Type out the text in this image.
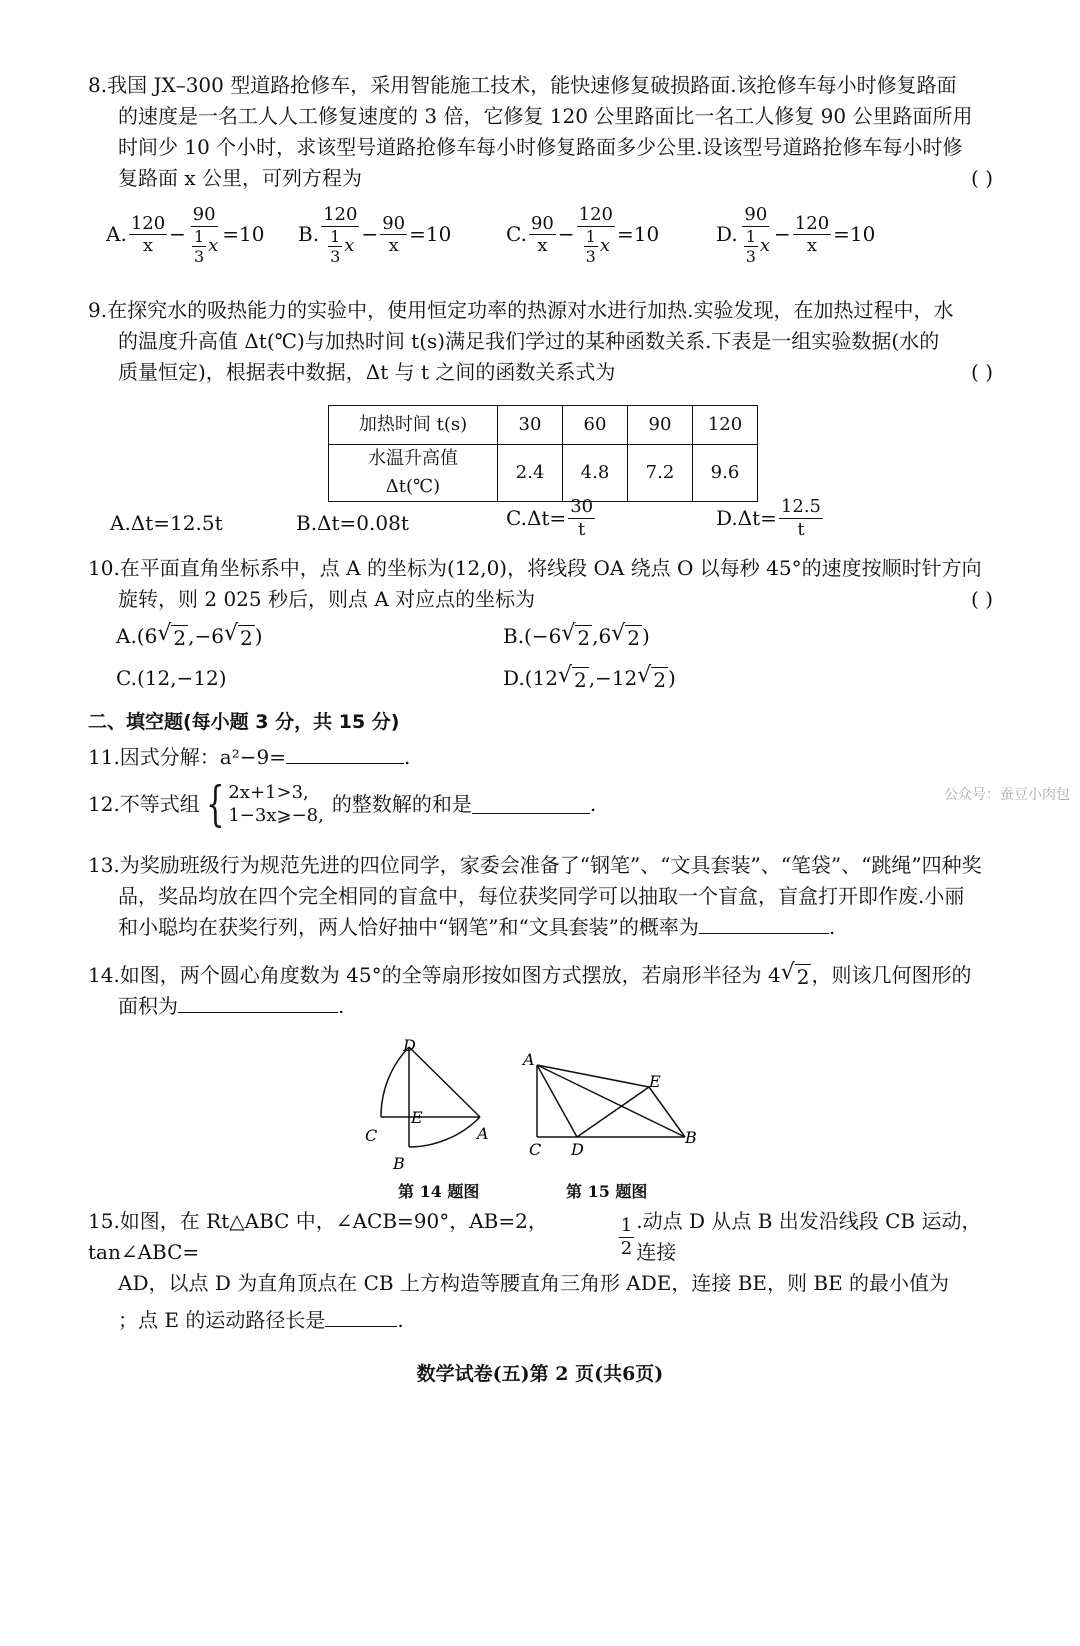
8.我国 JX–300 型道路抢修车，采用智能施工技术，能快速修复破损路面.该抢修车每小时修复路面

的速度是一名工人人工修复速度的 3 倍，它修复 120 公里路面比一名工人修复 90 公里路面所用

时间少 10 个小时，求该型号道路抢修车每小时修复路面多少公里.设该型号道路抢修车每小时修

复路面 x 公里，可列方程为	( )

A. $\frac{120}{x} - \frac{90}{\frac{1}{3} x} =10$ B. $\frac{120}{\frac{1}{3} x} - \frac{90}{x} =10$	C. $\frac{90}{x} - \frac{120}{\frac{1}{3} x} =10$	D. $\frac{90}{\frac{1}{3} x} - \frac{120}{x} =10$

9.在探究水的吸热能力的实验中，使用恒定功率的热源对水进行加热.实验发现，在加热过程中，水

的温度升高值 Δt(℃)与加热时间 t(s)满足我们学过的某种函数关系.下表是一组实验数据(水的

质量恒定)，根据表中数据，Δt 与 t 之间的函数关系式为	( )

加热时间 t(s)	30	60	90	120
水温升高值 Δt(℃)	2.4	4.8	7.2	9.6
A.Δt=12.5t	B.Δt=0.08t	$C.\Delta t= \frac{30}{t}$	$D.\Delta t= \frac{12.5}{t}$

10.在平面直角坐标系中，点 A 的坐标为(12,0)，将线段 OA 绕点 O 以每秒 45°的速度按顺时针方向

旋转，则 2 025 秒后，则点 A 对应点的坐标为	( )

A.(6 √ 2 ,−6 √ 2 )	B.(−6 √ 2 ,6 √ 2 )
C.(12,−12)	D.(12 √ 2 ,−12 √ 2 )
二、填空题(每小题 3 分，共 15 分)

11.因式分解：a²−9=	.

公众号：蚕豆小肉包
12.不等式组 { 2x+1>3,
1−3x⩾−8, 的整数解的和是	.

13.为奖励班级行为规范先进的四位同学，家委会准备了“钢笔”、“文具套装”、“笔袋”、“跳绳”四种奖

品，奖品均放在四个完全相同的盲盒中，每位获奖同学可以抽取一个盲盒，盲盒打开即作废.小丽

和小聪均在获奖行列，两人恰好抽中“钢笔”和“文具套装”的概率为	.

14.如图，两个圆心角度数为 45°的全等扇形按如图方式摆放，若扇形半径为 4 √ 2 ，则该几何图形的

面积为	.

D
C
E
A
B
第 14 题图
A
E
C D
B
第 15 题图

15.如图，在 Rt△ABC 中，∠ACB=90°，AB=2，tan∠ABC=	$\frac{1}{2}$ .动点 D 从点 B 出发沿线段 CB 运动，连接

AD，以点 D 为直角顶点在 CB 上方构造等腰直角三角形 ADE，连接 BE，则 BE 的最小值为

；点 E 的运动路径长是	.

数学试卷(五)第 2 页(共6页)
